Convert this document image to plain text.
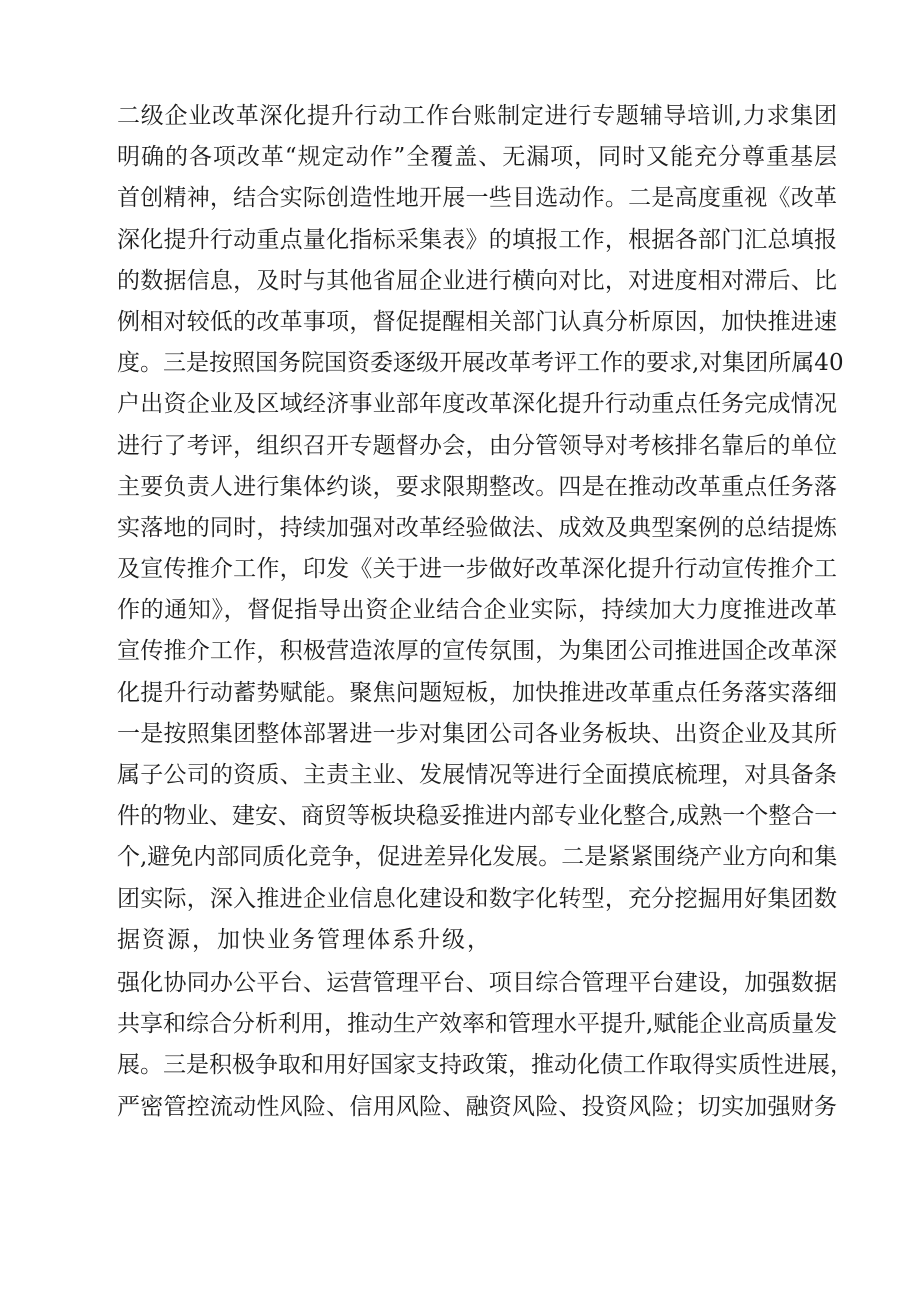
二级企业改革深化提升行动工作台账制定进行专题辅导培训,力求集团
明确的各项改革“规定动作”全覆盖、无漏项，同时又能充分尊重基层
首创精神，结合实际创造性地开展一些目选动作。二是高度重视《改革
深化提升行动重点量化指标采集表》的填报工作，根据各部门汇总填报
的数据信息，及时与其他省屈企业进行横向对比，对进度相对滞后、比
例相对较低的改革事项，督促提醒相关部门认真分析原因，加快推进速
度。三是按照国务院国资委逐级开展改革考评工作的要求,对集团所属40
户出资企业及区域经济事业部年度改革深化提升行动重点任务完成情况
进行了考评，组织召开专题督办会，由分管领导对考核排名靠后的单位
主要负责人进行集体约谈，要求限期整改。四是在推动改革重点任务落
实落地的同时，持续加强对改革经验做法、成效及典型案例的总结提炼
及宣传推介工作，印发《关于进一步做好改革深化提升行动宣传推介工
作的通知》，督促指导出资企业结合企业实际，持续加大力度推进改革
宣传推介工作，积极营造浓厚的宣传氛围，为集团公司推进国企改革深
化提升行动蓄势赋能。聚焦问题短板，加快推进改革重点任务落实落细
一是按照集团整体部署进一步对集团公司各业务板块、出资企业及其所
属子公司的资质、主责主业、发展情况等进行全面摸底梳理，对具备条
件的物业、建安、商贸等板块稳妥推进内部专业化整合,成熟一个整合一
个,避免内部同质化竞争，促进差异化发展。二是紧紧围绕产业方向和集
团实际，深入推进企业信息化建设和数字化转型，充分挖掘用好集团数
据资源，加快业务管理体系升级，
强化协同办公平台、运营管理平台、项目综合管理平台建设，加强数据
共享和综合分析利用，推动生产效率和管理水平提升,赋能企业高质量发
展。三是积极争取和用好国家支持政策，推动化债工作取得实质性进展，
严密管控流动性风险、信用风险、融资风险、投资风险；切实加强财务
